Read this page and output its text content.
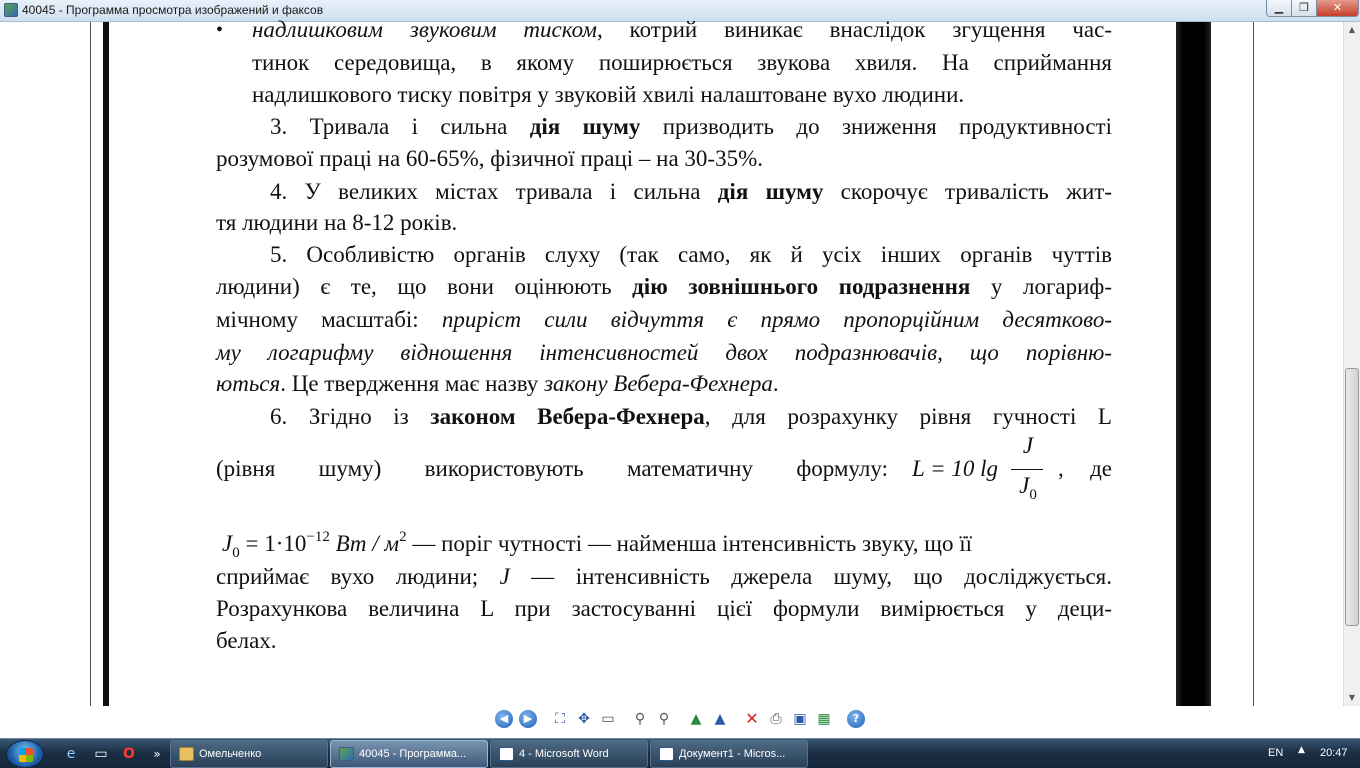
40045 - Программа просмотра изображений и факсов	▁	❐	✕
• надлишковим звуковим тиском, котрий виникає внаслідок згущення час-
тинок середовища, в якому поширюється звукова хвиля. На сприймання
надлишкового тиску повітря у звуковій хвилі налаштоване вухо людини.
3. Тривала і сильна дія шуму призводить до зниження продуктивності
розумової праці на 60-65%, фізичної праці – на 30-35%.
4. У великих містах тривала і сильна дія шуму скорочує тривалість жит-
тя людини на 8-12 років.
5. Особливістю органів слуху (так само, як й усіх інших органів чуттів
людини) є те, що вони оцінюють дію зовнішнього подразнення у логариф-
мічному масштабі: приріст сили відчуття є прямо пропорційним десятково-
му логарифму відношення інтенсивностей двох подразнювачів, що порівню-
ються. Це твердження має назву закону Вебера-Фехнера.
6. Згідно із законом Вебера-Фехнера, для розрахунку рівня гучності L
(рівня шуму) використовують математичну формулу: L = 10 lg
J
$J_0$
, де
$J_0 = 1\cdot 10^{-12}$ Вт / $м^2$ — поріг чутності — найменша інтенсивність звуку, що її
сприймає вухо людини; J — інтенсивність джерела шуму, що досліджується.
Розрахункова величина L при застосуванні цієї формули вимірюється у деци-
белах.
▲
▼
◀	▶	⛶ ✥ ▭ ⚲ ⚲ ▲ ▲ ✕ ⎙ ▣ ▦	?
e	▭ O	»	Омельченко	40045 - Программа...	4 - Microsoft Word	Документ1 - Micros...	EN ▲ 20:47
